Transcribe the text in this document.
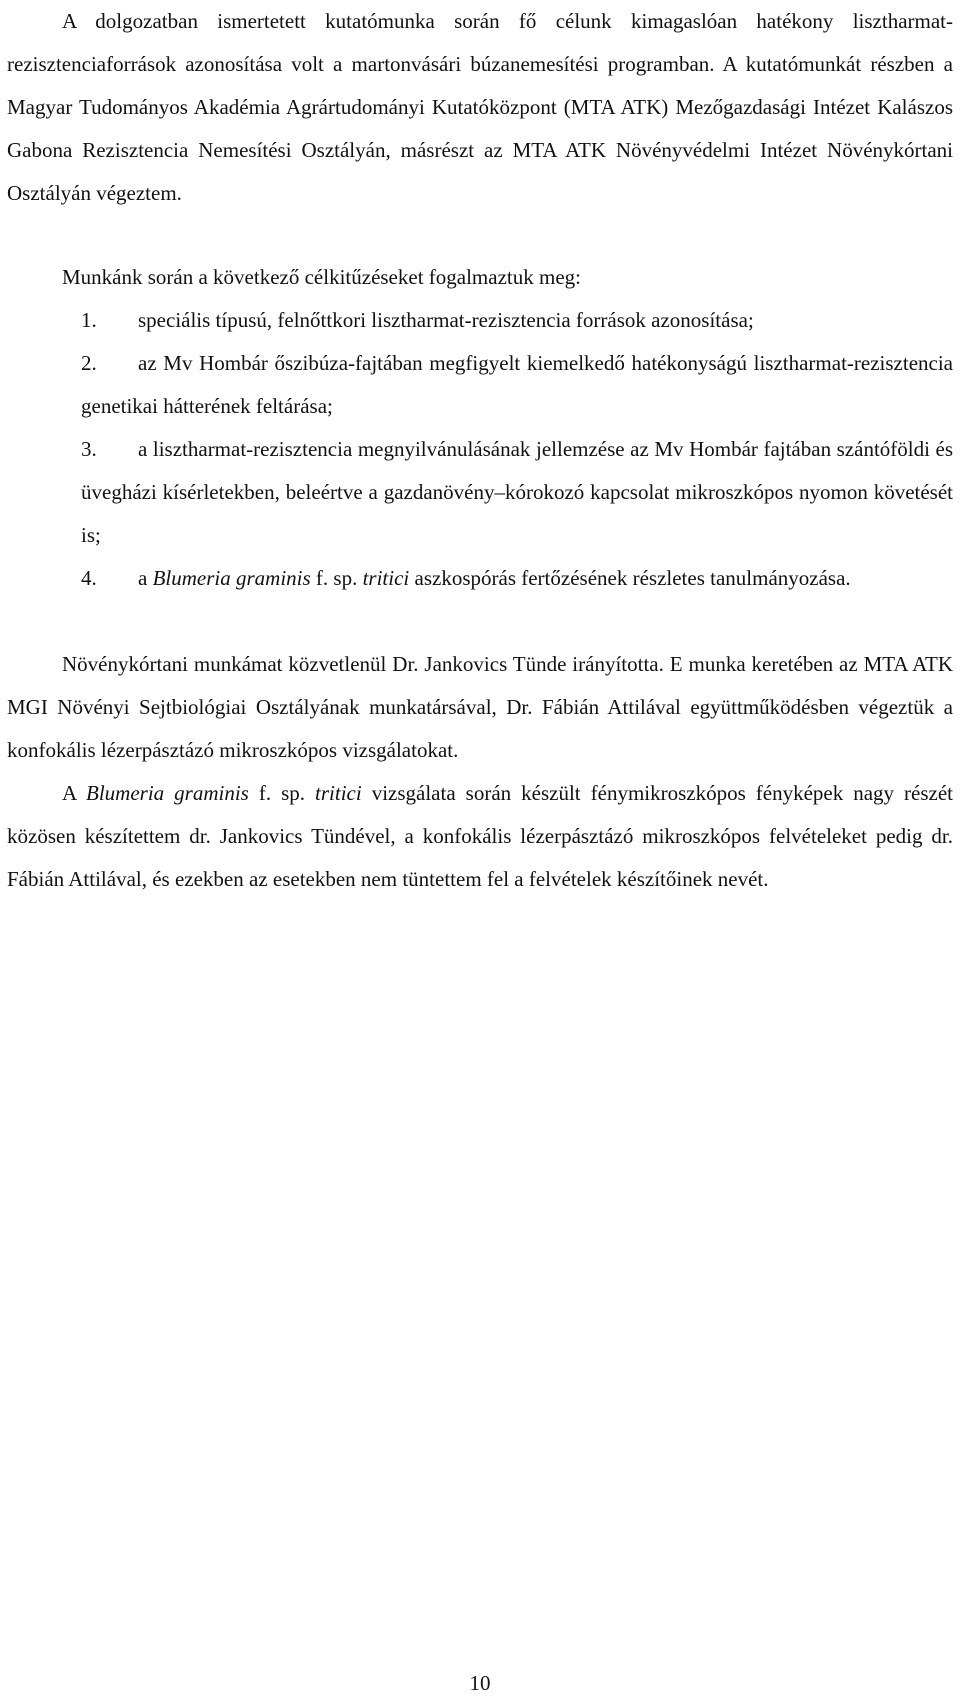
A dolgozatban ismertetett kutatómunka során fő célunk kimagaslóan hatékony lisztharmat-rezisztenciaforrások azonosítása volt a martonvásári búzanemesítési programban. A kutatómunkát részben a Magyar Tudományos Akadémia Agrártudományi Kutatóközpont (MTA ATK) Mezőgazdasági Intézet Kalászos Gabona Rezisztencia Nemesítési Osztályán, másrészt az MTA ATK Növényvédelmi Intézet Növénykórtani Osztályán végeztem.

Munkánk során a következő célkitűzéseket fogalmaztuk meg:

1. speciális típusú, felnőttkori lisztharmat-rezisztencia források azonosítása;

2. az Mv Hombár őszibúza-fajtában megfigyelt kiemelkedő hatékonyságú lisztharmat-rezisztencia genetikai hátterének feltárása;

3. a lisztharmat-rezisztencia megnyilvánulásának jellemzése az Mv Hombár fajtában szántóföldi és üvegházi kísérletekben, beleértve a gazdanövény–kórokozó kapcsolat mikroszkópos nyomon követését is;

4. a Blumeria graminis f. sp. tritici aszkospórás fertőzésének részletes tanulmányozása.

Növénykórtani munkámat közvetlenül Dr. Jankovics Tünde irányította. E munka keretében az MTA ATK MGI Növényi Sejtbiológiai Osztályának munkatársával, Dr. Fábián Attilával együttműködésben végeztük a konfokális lézerpásztázó mikroszkópos vizsgálatokat.

A Blumeria graminis f. sp. tritici vizsgálata során készült fénymikroszkópos fényképek nagy részét közösen készítettem dr. Jankovics Tündével, a konfokális lézerpásztázó mikroszkópos felvételeket pedig dr. Fábián Attilával, és ezekben az esetekben nem tüntettem fel a felvételek készítőinek nevét.

10
